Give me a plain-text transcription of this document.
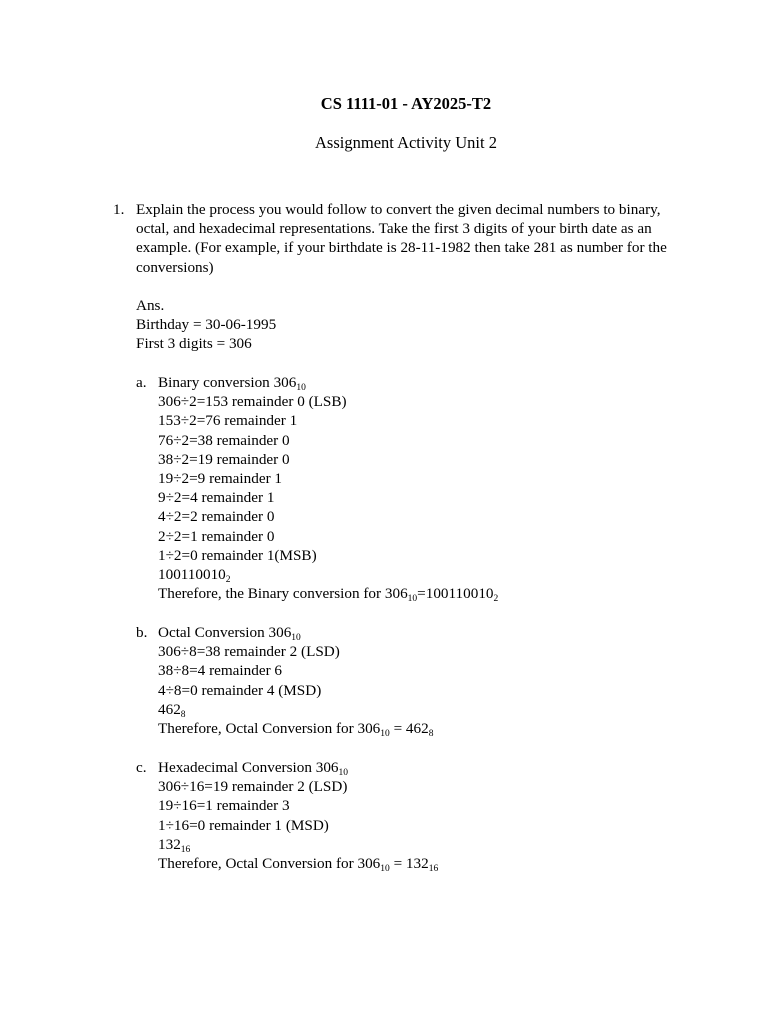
CS 1111-01 - AY2025-T2
Assignment Activity Unit 2
1. Explain the process you would follow to convert the given decimal numbers to binary, octal, and hexadecimal representations. Take the first 3 digits of your birth date as an example. (For example, if your birthdate is 28-11-1982 then take 281 as number for the conversions)
Ans.
Birthday = 30-06-1995
First 3 digits = 306
a. Binary conversion $306_{10}$
306÷2=153 remainder 0 (LSB)
153÷2=76 remainder 1
76÷2=38 remainder 0
38÷2=19 remainder 0
19÷2=9 remainder 1
9÷2=4 remainder 1
4÷2=2 remainder 0
2÷2=1 remainder 0
1÷2=0 remainder 1(MSB)
$100110010_2$
Therefore, the Binary conversion for $306_{10}=100110010_2$
b. Octal Conversion $306_{10}$
306÷8=38 remainder 2 (LSD)
38÷8=4 remainder 6
4÷8=0 remainder 4 (MSD)
$462_8$
Therefore, Octal Conversion for $306_{10} = 462_8$
c. Hexadecimal Conversion $306_{10}$
306÷16=19 remainder 2 (LSD)
19÷16=1 remainder 3
1÷16=0 remainder 1 (MSD)
$132_{16}$
Therefore, Octal Conversion for $306_{10} = 132_{16}$
